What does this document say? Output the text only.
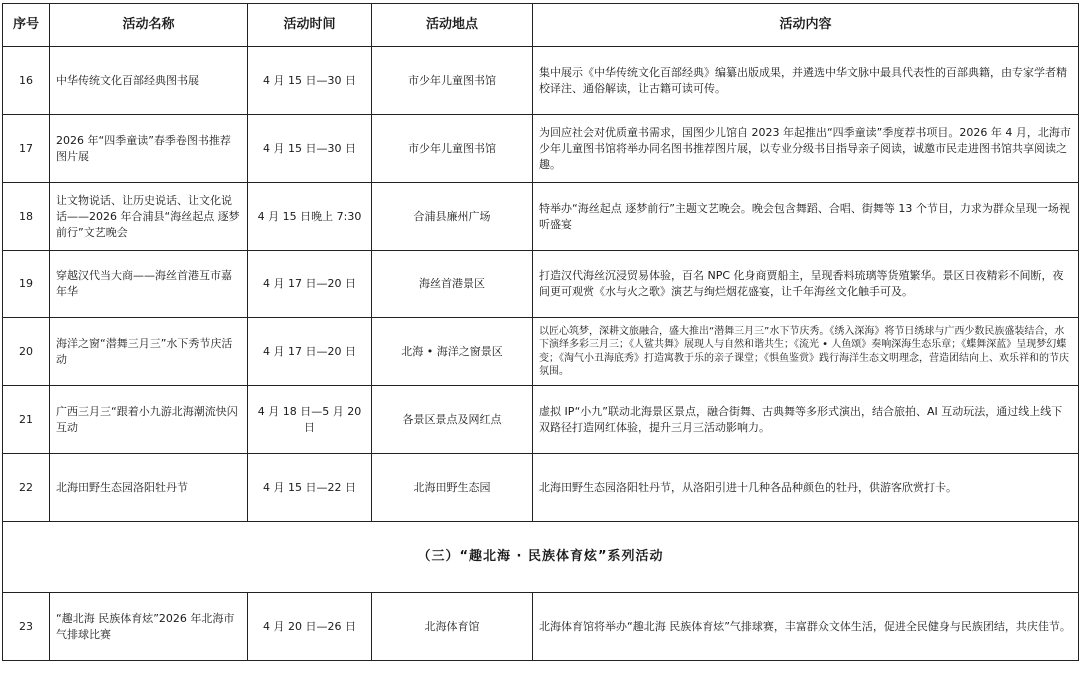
序号	活动名称	活动时间	活动地点	活动内容
16	中华传统文化百部经典图书展	4 月 15 日—30 日	市少年儿童图书馆	集中展示《中华传统文化百部经典》编纂出版成果，并遴选中华文脉中最具代表性的百部典籍，由专家学者精校译注、通俗解读，让古籍可读可传。
17	2026 年“四季童读”春季卷图书推荐图片展	4 月 15 日—30 日	市少年儿童图书馆	为回应社会对优质童书需求，国图少儿馆自 2023 年起推出“四季童读”季度荐书项目。2026 年 4 月，北海市少年儿童图书馆将举办同名图书推荐图片展，以专业分级书目指导亲子阅读，诚邀市民走进图书馆共享阅读之趣。
18	让文物说话、让历史说话、让文化说话——2026 年合浦县“海丝起点 逐梦前行”文艺晚会	4 月 15 日晚上 7:30	合浦县廉州广场	特举办“海丝起点 逐梦前行”主题文艺晚会。晚会包含舞蹈、合唱、街舞等 13 个节目，力求为群众呈现一场视听盛宴
19	穿越汉代当大商——海丝首港互市嘉年华	4 月 17 日—20 日	海丝首港景区	打造汉代海丝沉浸贸易体验，百名 NPC 化身商贾船主，呈现香料琉璃等货殖繁华。景区日夜精彩不间断，夜间更可观赏《水与火之歌》演艺与绚烂烟花盛宴，让千年海丝文化触手可及。
20	海洋之窗“潜舞三月三”水下秀节庆活动	4 月 17 日—20 日	北海 • 海洋之窗景区	以匠心筑梦，深耕文旅融合，盛大推出“潜舞三月三”水下节庆秀。《绣入深海》将节日绣球与广西少数民族盛装结合，水下演绎多彩三月三；《人鲨共舞》展现人与自然和谐共生；《流光 • 人鱼颂》奏响深海生态乐章；《蝶舞深蓝》呈现梦幻蝶变；《淘气小丑海底秀》打造寓教于乐的亲子课堂；《惧鱼鉴赏》践行海洋生态文明理念，营造团结向上、欢乐祥和的节庆氛围。
21	广西三月三“跟着小九游北海潮流快闪互动	4 月 18 日—5 月 20 日	各景区景点及网红点	虚拟 IP“小九”联动北海景区景点，融合街舞、古典舞等多形式演出，结合旅拍、AI 互动玩法，通过线上线下双路径打造网红体验，提升三月三活动影响力。
22	北海田野生态园洛阳牡丹节	4 月 15 日—22 日	北海田野生态园	北海田野生态园洛阳牡丹节，从洛阳引进十几种各品种颜色的牡丹，供游客欣赏打卡。
（三）“趣北海 · 民族体育炫”系列活动				
23	“趣北海 民族体育炫”2026 年北海市气排球比赛	4 月 20 日—26 日	北海体育馆	北海体育馆将举办“趣北海 民族体育炫”气排球赛，丰富群众文体生活，促进全民健身与民族团结，共庆佳节。
